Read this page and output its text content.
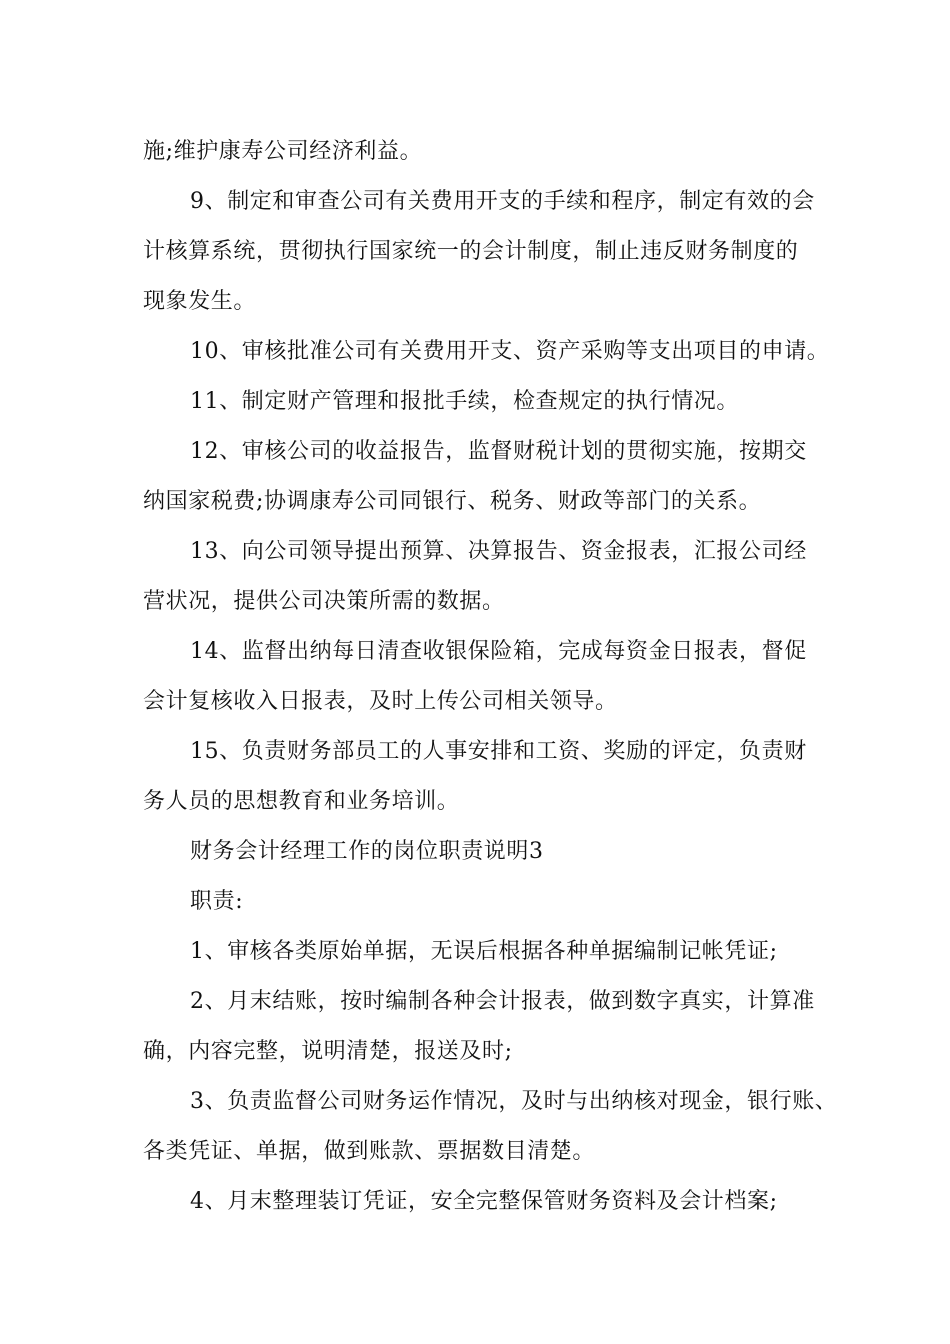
施;维护康寿公司经济利益。
9、制定和审查公司有关费用开支的手续和程序，制定有效的会
计核算系统，贯彻执行国家统一的会计制度，制止违反财务制度的
现象发生。
10、审核批准公司有关费用开支、资产采购等支出项目的申请。
11、制定财产管理和报批手续，检查规定的执行情况。
12、审核公司的收益报告，监督财税计划的贯彻实施，按期交
纳国家税费;协调康寿公司同银行、税务、财政等部门的关系。
13、向公司领导提出预算、决算报告、资金报表，汇报公司经
营状况，提供公司决策所需的数据。
14、监督出纳每日清查收银保险箱，完成每资金日报表，督促
会计复核收入日报表，及时上传公司相关领导。
15、负责财务部员工的人事安排和工资、奖励的评定，负责财
务人员的思想教育和业务培训。
财务会计经理工作的岗位职责说明3
职责:
1、审核各类原始单据，无误后根据各种单据编制记帐凭证;
2、月末结账，按时编制各种会计报表，做到数字真实，计算准
确，内容完整，说明清楚，报送及时;
3、负责监督公司财务运作情况，及时与出纳核对现金，银行账、
各类凭证、单据，做到账款、票据数目清楚。
4、月末整理装订凭证，安全完整保管财务资料及会计档案;
